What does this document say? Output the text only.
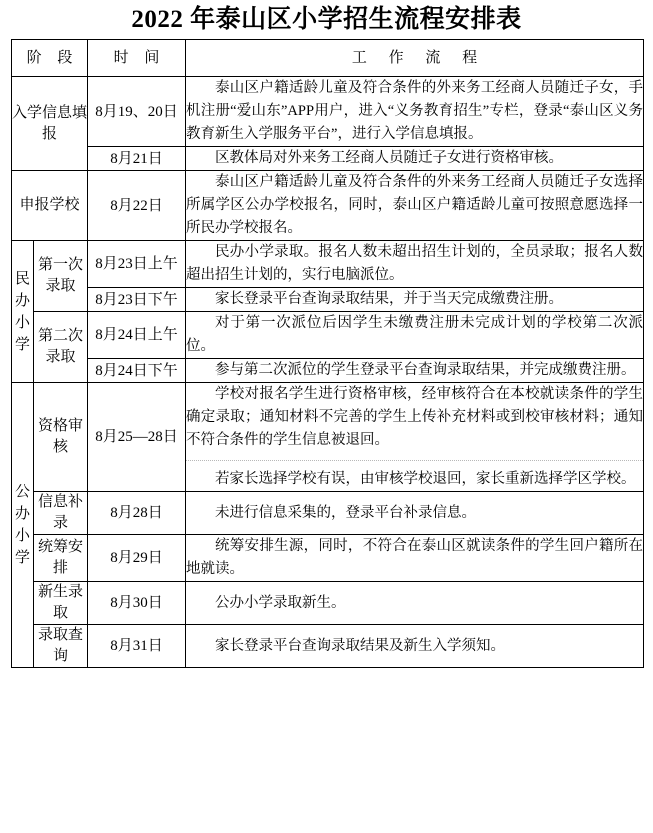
2022 年泰山区小学招生流程安排表
阶 段		时 间	工 作 流 程
入学信息填报		8月19、20日	泰山区户籍适龄儿童及符合条件的外来务工经商人员随迁子女，手机注册“爱山东”APP用户，进入“义务教育招生”专栏，登录“泰山区义务教育新生入学服务平台”，进行入学信息填报。
		8月21日	区教体局对外来务工经商人员随迁子女进行资格审核。
申报学校		8月22日	泰山区户籍适龄儿童及符合条件的外来务工经商人员随迁子女选择所属学区公办学校报名，同时，泰山区户籍适龄儿童可按照意愿选择一所民办学校报名。
民办小学	第一次录取	8月23日上午	民办小学录取。报名人数未超出招生计划的，全员录取；报名人数超出招生计划的，实行电脑派位。
		8月23日下午	家长登录平台查询录取结果，并于当天完成缴费注册。
	第二次录取	8月24日上午	对于第一次派位后因学生未缴费注册未完成计划的学校第二次派位。
		8月24日下午	参与第二次派位的学生登录平台查询录取结果，并完成缴费注册。
公办小学	资格审核	8月25—28日	学校对报名学生进行资格审核，经审核符合在本校就读条件的学生确定录取；通知材料不完善的学生上传补充材料或到校审核材料；通知不符合条件的学生信息被退回。

若家长选择学校有误，由审核学校退回，家长重新选择学区学校。

	信息补录	8月28日	未进行信息采集的，登录平台补录信息。
	统筹安排	8月29日	统筹安排生源，同时，不符合在泰山区就读条件的学生回户籍所在地就读。
	新生录取	8月30日	公办小学录取新生。
	录取查询	8月31日	家长登录平台查询录取结果及新生入学须知。
